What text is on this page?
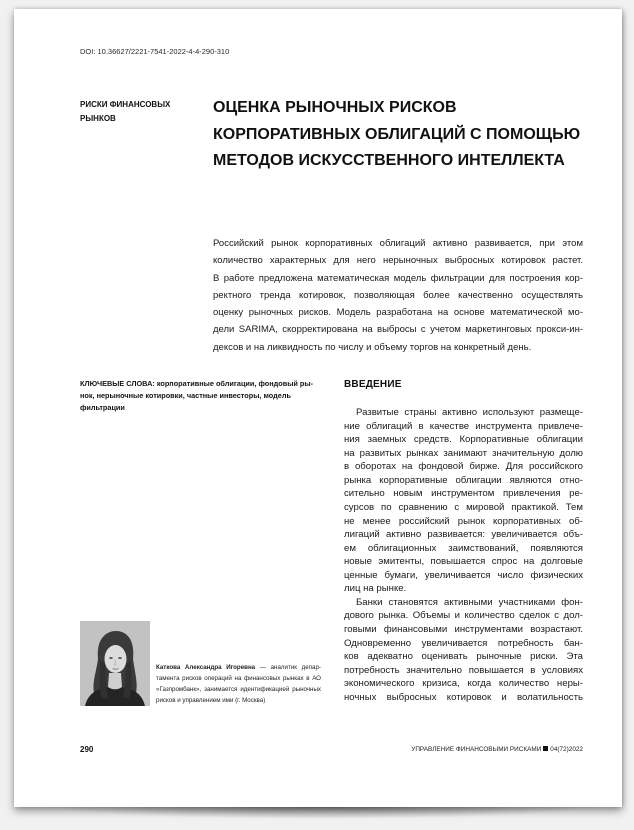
DOI: 10.36627/2221-7541-2022-4-4-290-310
РИСКИ ФИНАНСОВЫХ
РЫНКОВ
ОЦЕНКА РЫНОЧНЫХ РИСКОВ
КОРПОРАТИВНЫХ ОБЛИГАЦИЙ С ПОМОЩЬЮ
МЕТОДОВ ИСКУССТВЕННОГО ИНТЕЛЛЕКТА
Российский рынок корпоративных облигаций активно развивается, при этом
количество характерных для него нерыночных выбросных котировок растет.
В работе предложена математическая модель фильтрации для построения кор-
ректного тренда котировок, позволяющая более качественно осуществлять
оценку рыночных рисков. Модель разработана на основе математической мо-
дели SARIMA, скорректирована на выбросы с учетом маркетинговых прокси-ин-
дексов и на ликвидность по числу и объему торгов на конкретный день.
КЛЮЧЕВЫЕ СЛОВА: корпоративные облигации, фондовый ры-
нок, нерыночные котировки, частные инвесторы, модель
фильтрации
ВВЕДЕНИЕ
Развитые страны активно используют размеще-
ние облигаций в качестве инструмента привлече-
ния заемных средств. Корпоративные облигации
на развитых рынках занимают значительную долю
в оборотах на фондовой бирже. Для российского
рынка корпоративные облигации являются отно-
сительно новым инструментом привлечения ре-
сурсов по сравнению с мировой практикой. Тем
не менее российский рынок корпоративных об-
лигаций активно развивается: увеличивается объ-
ем облигационных заимствований, появляются
новые эмитенты, повышается спрос на долговые
ценные бумаги, увеличивается число физических
лиц на рынке.
Банки становятся активными участниками фон-
дового рынка. Объемы и количество сделок с дол-
говыми финансовыми инструментами возрастают.
Одновременно увеличивается потребность бан-
ков адекватно оценивать рыночные риски. Эта
потребность значительно повышается в условиях
экономического кризиса, когда количество неры-
ночных выбросных котировок и волатильность
Каткова Александра Игоревна — аналитик депар-
тамента рисков операций на финансовых рынках в АО
«Газпромбанк», занимается идентификацией рыночных
рисков и управлением ими (г. Москва)
290	УПРАВЛЕНИЕ ФИНАНСОВЫМИ РИСКАМИ 04(72)2022
